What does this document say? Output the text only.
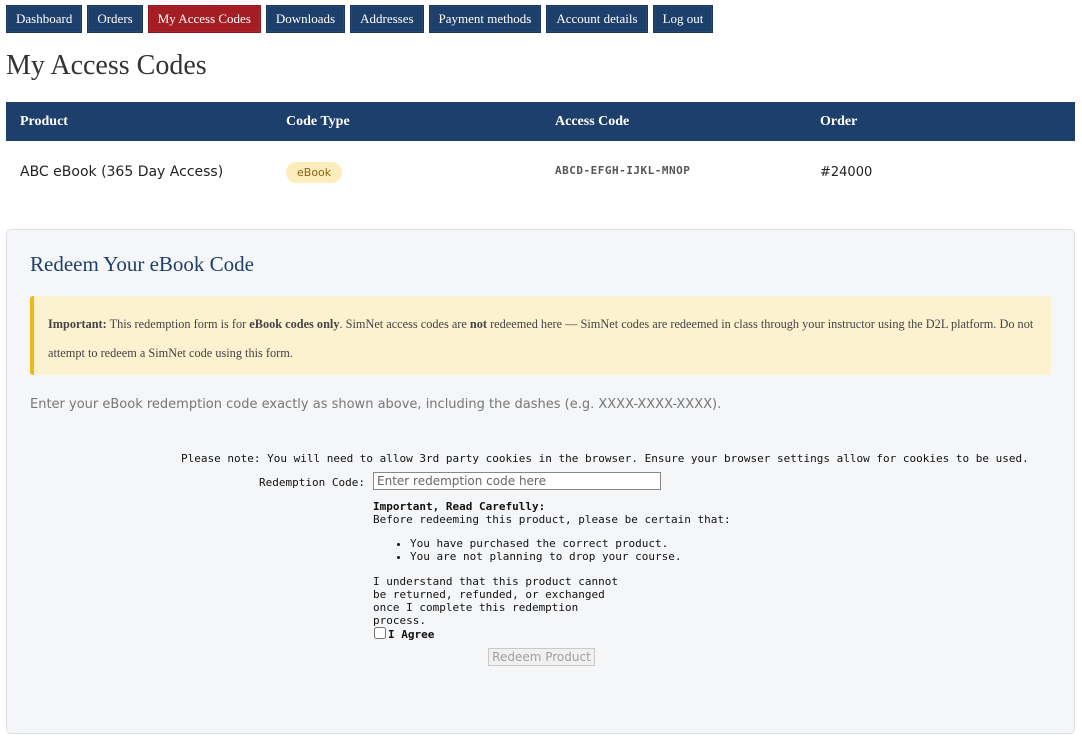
Dashboard	Orders	My Access Codes	Downloads	Addresses	Payment methods	Account details	Log out
My Access Codes
Product	Code Type	Access Code	Order
ABC eBook (365 Day Access)	eBook	ABCD-EFGH-IJKL-MNOP	#24000
Redeem Your eBook Code
Important: This redemption form is for eBook codes only. SimNet access codes are not redeemed here — SimNet codes are redeemed in class through your instructor using the D2L platform. Do not attempt to redeem a SimNet code using this form.
Enter your eBook redemption code exactly as shown above, including the dashes (e.g. XXXX-XXXX-XXXX).
Please note: You will need to allow 3rd party cookies in the browser. Ensure your browser settings allow for cookies to be used.
Redemption Code:
Enter redemption code here
Important, Read Carefully:
Before redeeming this product, please be certain that:
• You have purchased the correct product.
• You are not planning to drop your course.
I understand that this product cannot be returned, refunded, or exchanged once I complete this redemption process.
I Agree
Redeem Product
